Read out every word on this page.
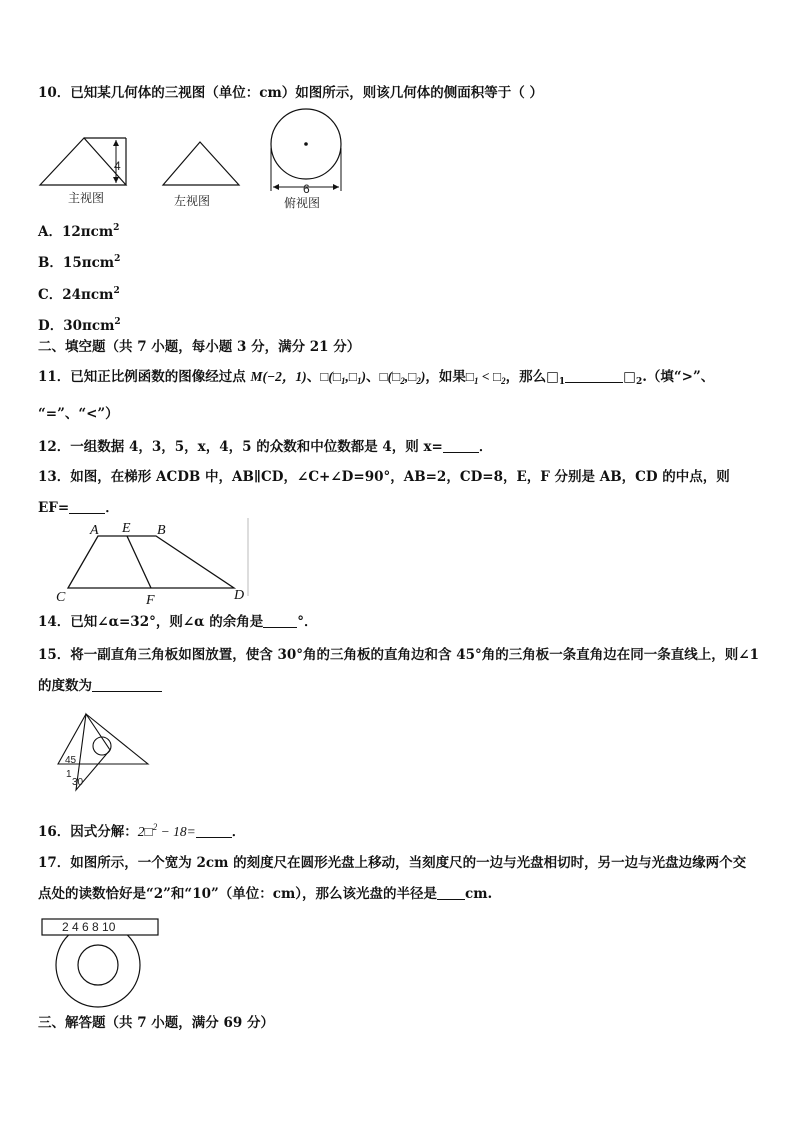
10．已知某几何体的三视图（单位：cm）如图所示，则该几何体的侧面积等于（ ）
4
主视图	左视图
6
俯视图
A．12πcm$^2$
B．15πcm$^2$
C．24πcm$^2$
D．30πcm$^2$
二、填空题（共 7 小题，每小题 3 分，满分 21 分）
11．已知正比例函数的图像经过点 M(−2，1)、$□(□_1,□_1)$、$□(□_2,□_2)$，如果$□_1$ < $□_2$，那么$□_1$	$□_2$.（填“>”、
“=”、“<”）
12．一组数据 4，3，5，x，4，5 的众数和中位数都是 4，则 x=	．
13．如图，在梯形 ACDB 中，AB∥CD，∠C+∠D=90°，AB=2，CD=8，E，F 分别是 AB，CD 的中点，则
EF=	．
A E B
C	F	D
14．已知∠α=32°，则∠α 的余角是	°．
15．将一副直角三角板如图放置，使含 30°角的三角板的直角边和含 45°角的三角板一条直角边在同一条直线上，则∠1
的度数为
45
1
30
16．因式分解：2□$^2$ − 18=	．
17．如图所示，一个宽为 2cm 的刻度尺在圆形光盘上移动，当刻度尺的一边与光盘相切时，另一边与光盘边缘两个交
点处的读数恰好是“2”和“10”（单位：cm），那么该光盘的半径是 cm.
2 4 6 8 10
三、解答题（共 7 小题，满分 69 分）
